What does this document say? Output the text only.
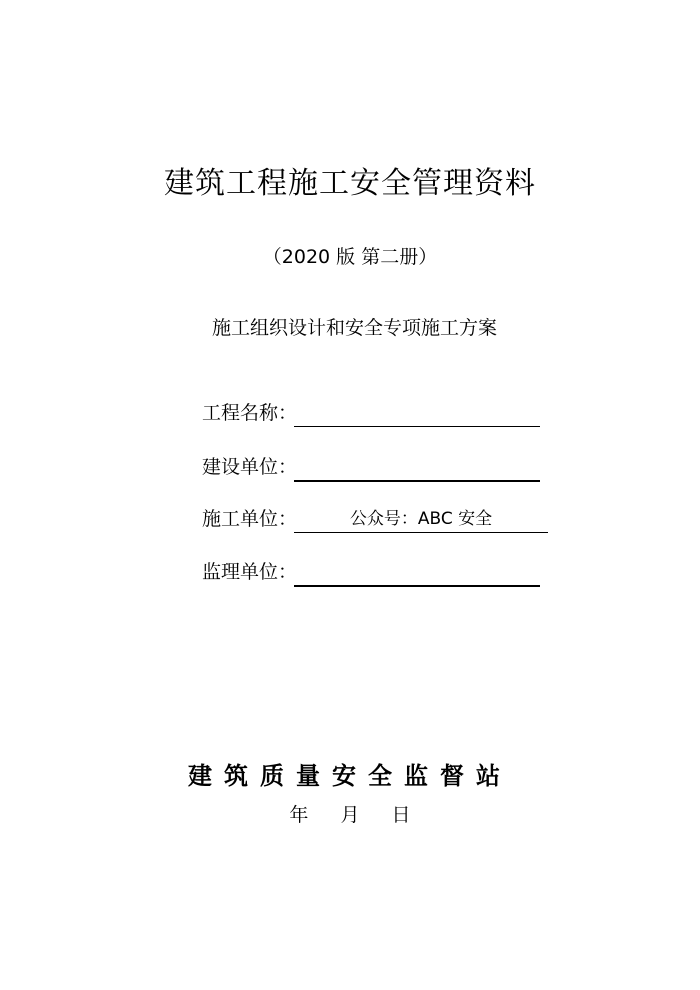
建筑工程施工安全管理资料
（2020 版 第二册）
施工组织设计和安全专项施工方案
工程名称：
建设单位：
施工单位：	公众号：ABC 安全
监理单位：
建筑质量安全监督站
年 月 日
